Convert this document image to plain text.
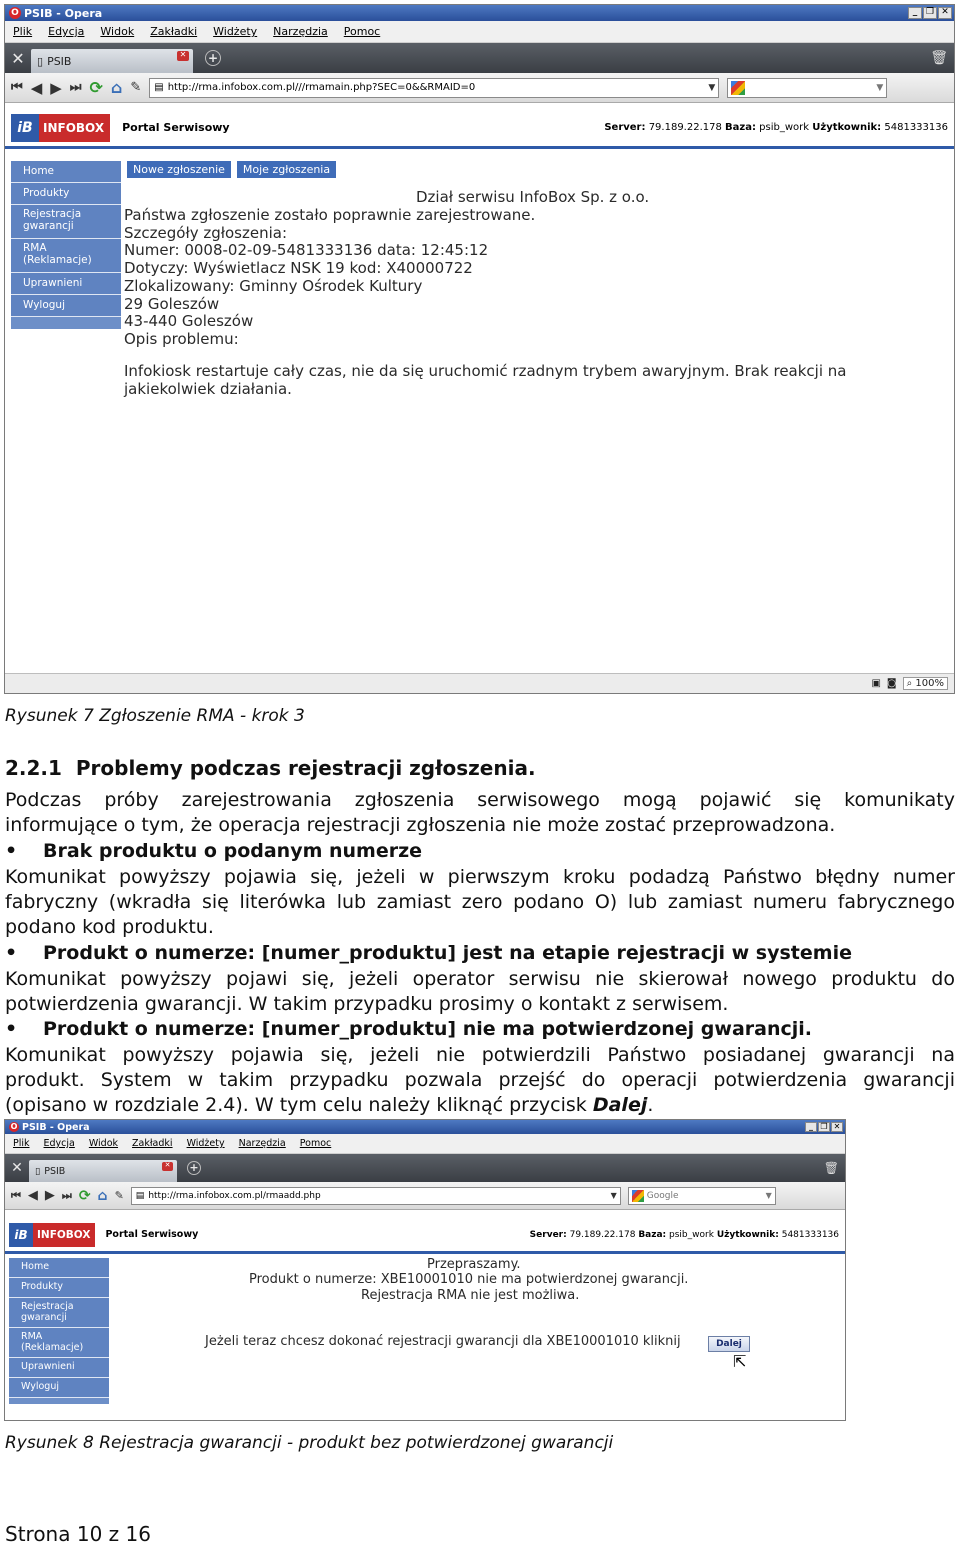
O PSIB - Opera	_ ❐ ✕
Plik Edycja Widok Zakładki Widżety Narzędzia Pomoc
✕	▯ PSIB	✕ +	🗑
⏮ ◀ ▶ ⏭ ⟳ ⌂ ✎ ▤ http://rma.infobox.com.pl///rmamain.php?SEC=0&&RMAID=0	▼	▼
iB INFOBOX Portal Serwisowy	Server: 79.189.22.178 Baza: psib_work Użytkownik: 5481333136
Nowe zgłoszenie	Moje zgłoszenia
Home
Produkty
Rejestracja gwarancji
RMA (Reklamacje)
Uprawnieni
Wyloguj
Dział serwisu InfoBox Sp. z o.o.
Państwa zgłoszenie zostało poprawnie zarejestrowane.
Szczegóły zgłoszenia:
Numer: 0008-02-09-5481333136 data: 12:45:12
Dotyczy: Wyświetlacz NSK 19 kod: X40000722
Zlokalizowany: Gminny Ośrodek Kultury
29 Goleszów
43-440 Goleszów
Opis problemu:
Infokiosk restartuje cały czas, nie da się uruchomić rzadnym trybem awaryjnym. Brak reakcji na
jakiekolwiek działania.
▣ ◙	⌕ 100%
Rysunek 7 Zgłoszenie RMA - krok 3
2.2.1  Problemy podczas rejestracji zgłoszenia.
Podczas próby zarejestrowania zgłoszenia serwisowego mogą pojawić się komunikaty
informujące o tym, że operacja rejestracji zgłoszenia nie może zostać przeprowadzona.
•	Brak produktu o podanym numerze
Komunikat powyższy pojawia się, jeżeli w pierwszym kroku podadzą Państwo błędny numer
fabryczny (wkradła się literówka lub zamiast zero podano O) lub zamiast numeru fabrycznego
podano kod produktu.
•	Produkt o numerze: [numer_produktu] jest na etapie rejestracji w systemie
Komunikat powyższy pojawi się, jeżeli operator serwisu nie skierował nowego produktu do
potwierdzenia gwarancji. W takim przypadku prosimy o kontakt z serwisem.
•	Produkt o numerze: [numer_produktu] nie ma potwierdzonej gwarancji.
Komunikat powyższy pojawia się, jeżeli nie potwierdzili Państwo posiadanej gwarancji na
produkt. System w takim przypadku pozwala przejść do operacji potwierdzenia gwarancji
(opisano w rozdziale 2.4). W tym celu należy kliknąć przycisk Dalej.
O PSIB - Opera	_ ❐ ✕
Plik Edycja Widok Zakładki Widżety Narzędzia Pomoc
✕	▯ PSIB
✕ +	🗑
⏮ ◀ ▶ ⏭ ⟳ ⌂ ✎ ▤ http://rma.infobox.com.pl/rmaadd.php	▼	Google	▼
iB INFOBOX Portal Serwisowy	Server: 79.189.22.178 Baza: psib_work Użytkownik: 5481333136
Home
Produkty
Rejestracja gwarancji
RMA (Reklamacje)
Uprawnieni
Wyloguj
Przepraszamy.
Produkt o numerze: XBE10001010 nie ma potwierdzonej gwarancji.
Rejestracja RMA nie jest możliwa.
Jeżeli teraz chcesz dokonać rejestracji gwarancji dla XBE10001010 kliknij	Dalej
⇱
Rysunek 8 Rejestracja gwarancji - produkt bez potwierdzonej gwarancji
Strona 10 z 16
